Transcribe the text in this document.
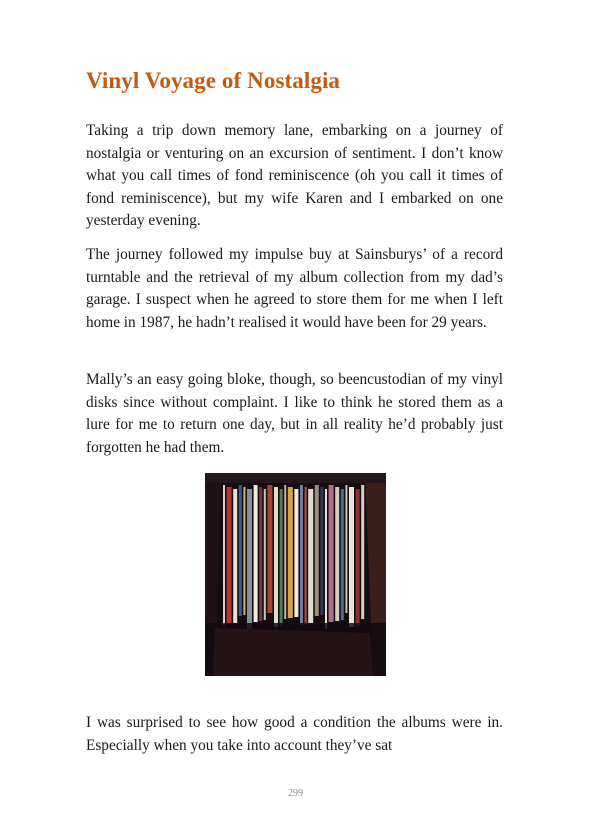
Vinyl Voyage of Nostalgia

Taking a trip down memory lane, embarking on a journey of nostalgia or venturing on an excursion of sentiment. I don’t know what you call times of fond reminiscence (oh you call it times of fond reminiscence), but my wife Karen and I embarked on one yesterday evening.

The journey followed my impulse buy at Sainsburys’ of a record turntable and the retrieval of my album collection from my dad’s garage. I suspect when he agreed to store them for me when I left home in 1987, he hadn’t realised it would have been for 29 years.

Mally’s an easy going bloke, though, so beencustodian of my vinyl disks since without complaint. I like to think he stored them as a lure for me to return one day, but in all reality he’d probably just forgotten he had them.

I was surprised to see how good a condition the albums were in. Especially when you take into account they’ve sat

299
